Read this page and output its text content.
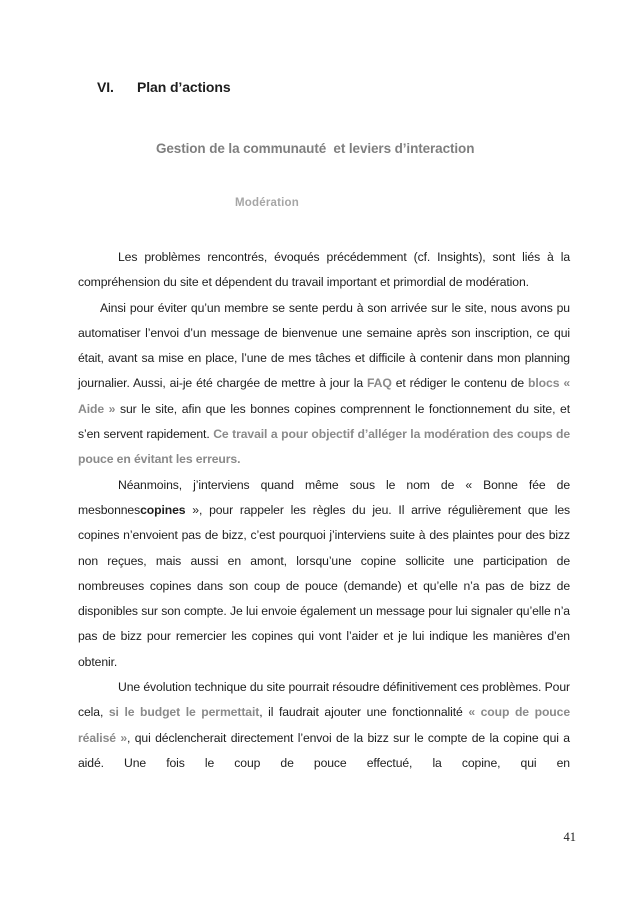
VI. Plan d’actions
Gestion de la communauté  et leviers d’interaction
Modération

Les problèmes rencontrés, évoqués précédemment (cf. Insights), sont liés à la compréhension du site et dépendent du travail important et primordial de modération.

Ainsi pour éviter qu’un membre se sente perdu à son arrivée sur le site, nous avons pu automatiser l’envoi d’un message de bienvenue une semaine après son inscription, ce qui était, avant sa mise en place, l’une de mes tâches et difficile à contenir dans mon planning journalier. Aussi, ai-je été chargée de mettre à jour la FAQ et rédiger le contenu de blocs « Aide » sur le site, afin que les bonnes copines comprennent le fonctionnement du site, et s’en servent rapidement. Ce travail a pour objectif d’alléger la modération des coups de pouce en évitant les erreurs.

Néanmoins, j’interviens quand même sous le nom de « Bonne fée de mesbonnescopines », pour rappeler les règles du jeu. Il arrive régulièrement que les copines n’envoient pas de bizz, c’est pourquoi j’interviens suite à des plaintes pour des bizz non reçues, mais aussi en amont, lorsqu’une copine sollicite une participation de nombreuses copines dans son coup de pouce (demande) et qu’elle n’a pas de bizz de disponibles sur son compte. Je lui envoie également un message pour lui signaler qu’elle n’a pas de bizz pour remercier les copines qui vont l’aider et je lui indique les manières d’en obtenir.

Une évolution technique du site pourrait résoudre définitivement ces problèmes. Pour cela, si le budget le permettait, il faudrait ajouter une fonctionnalité « coup de pouce réalisé », qui déclencherait directement l’envoi de la bizz sur le compte de la copine qui a aidé. Une fois le coup de pouce effectué, la copine, qui en

41
